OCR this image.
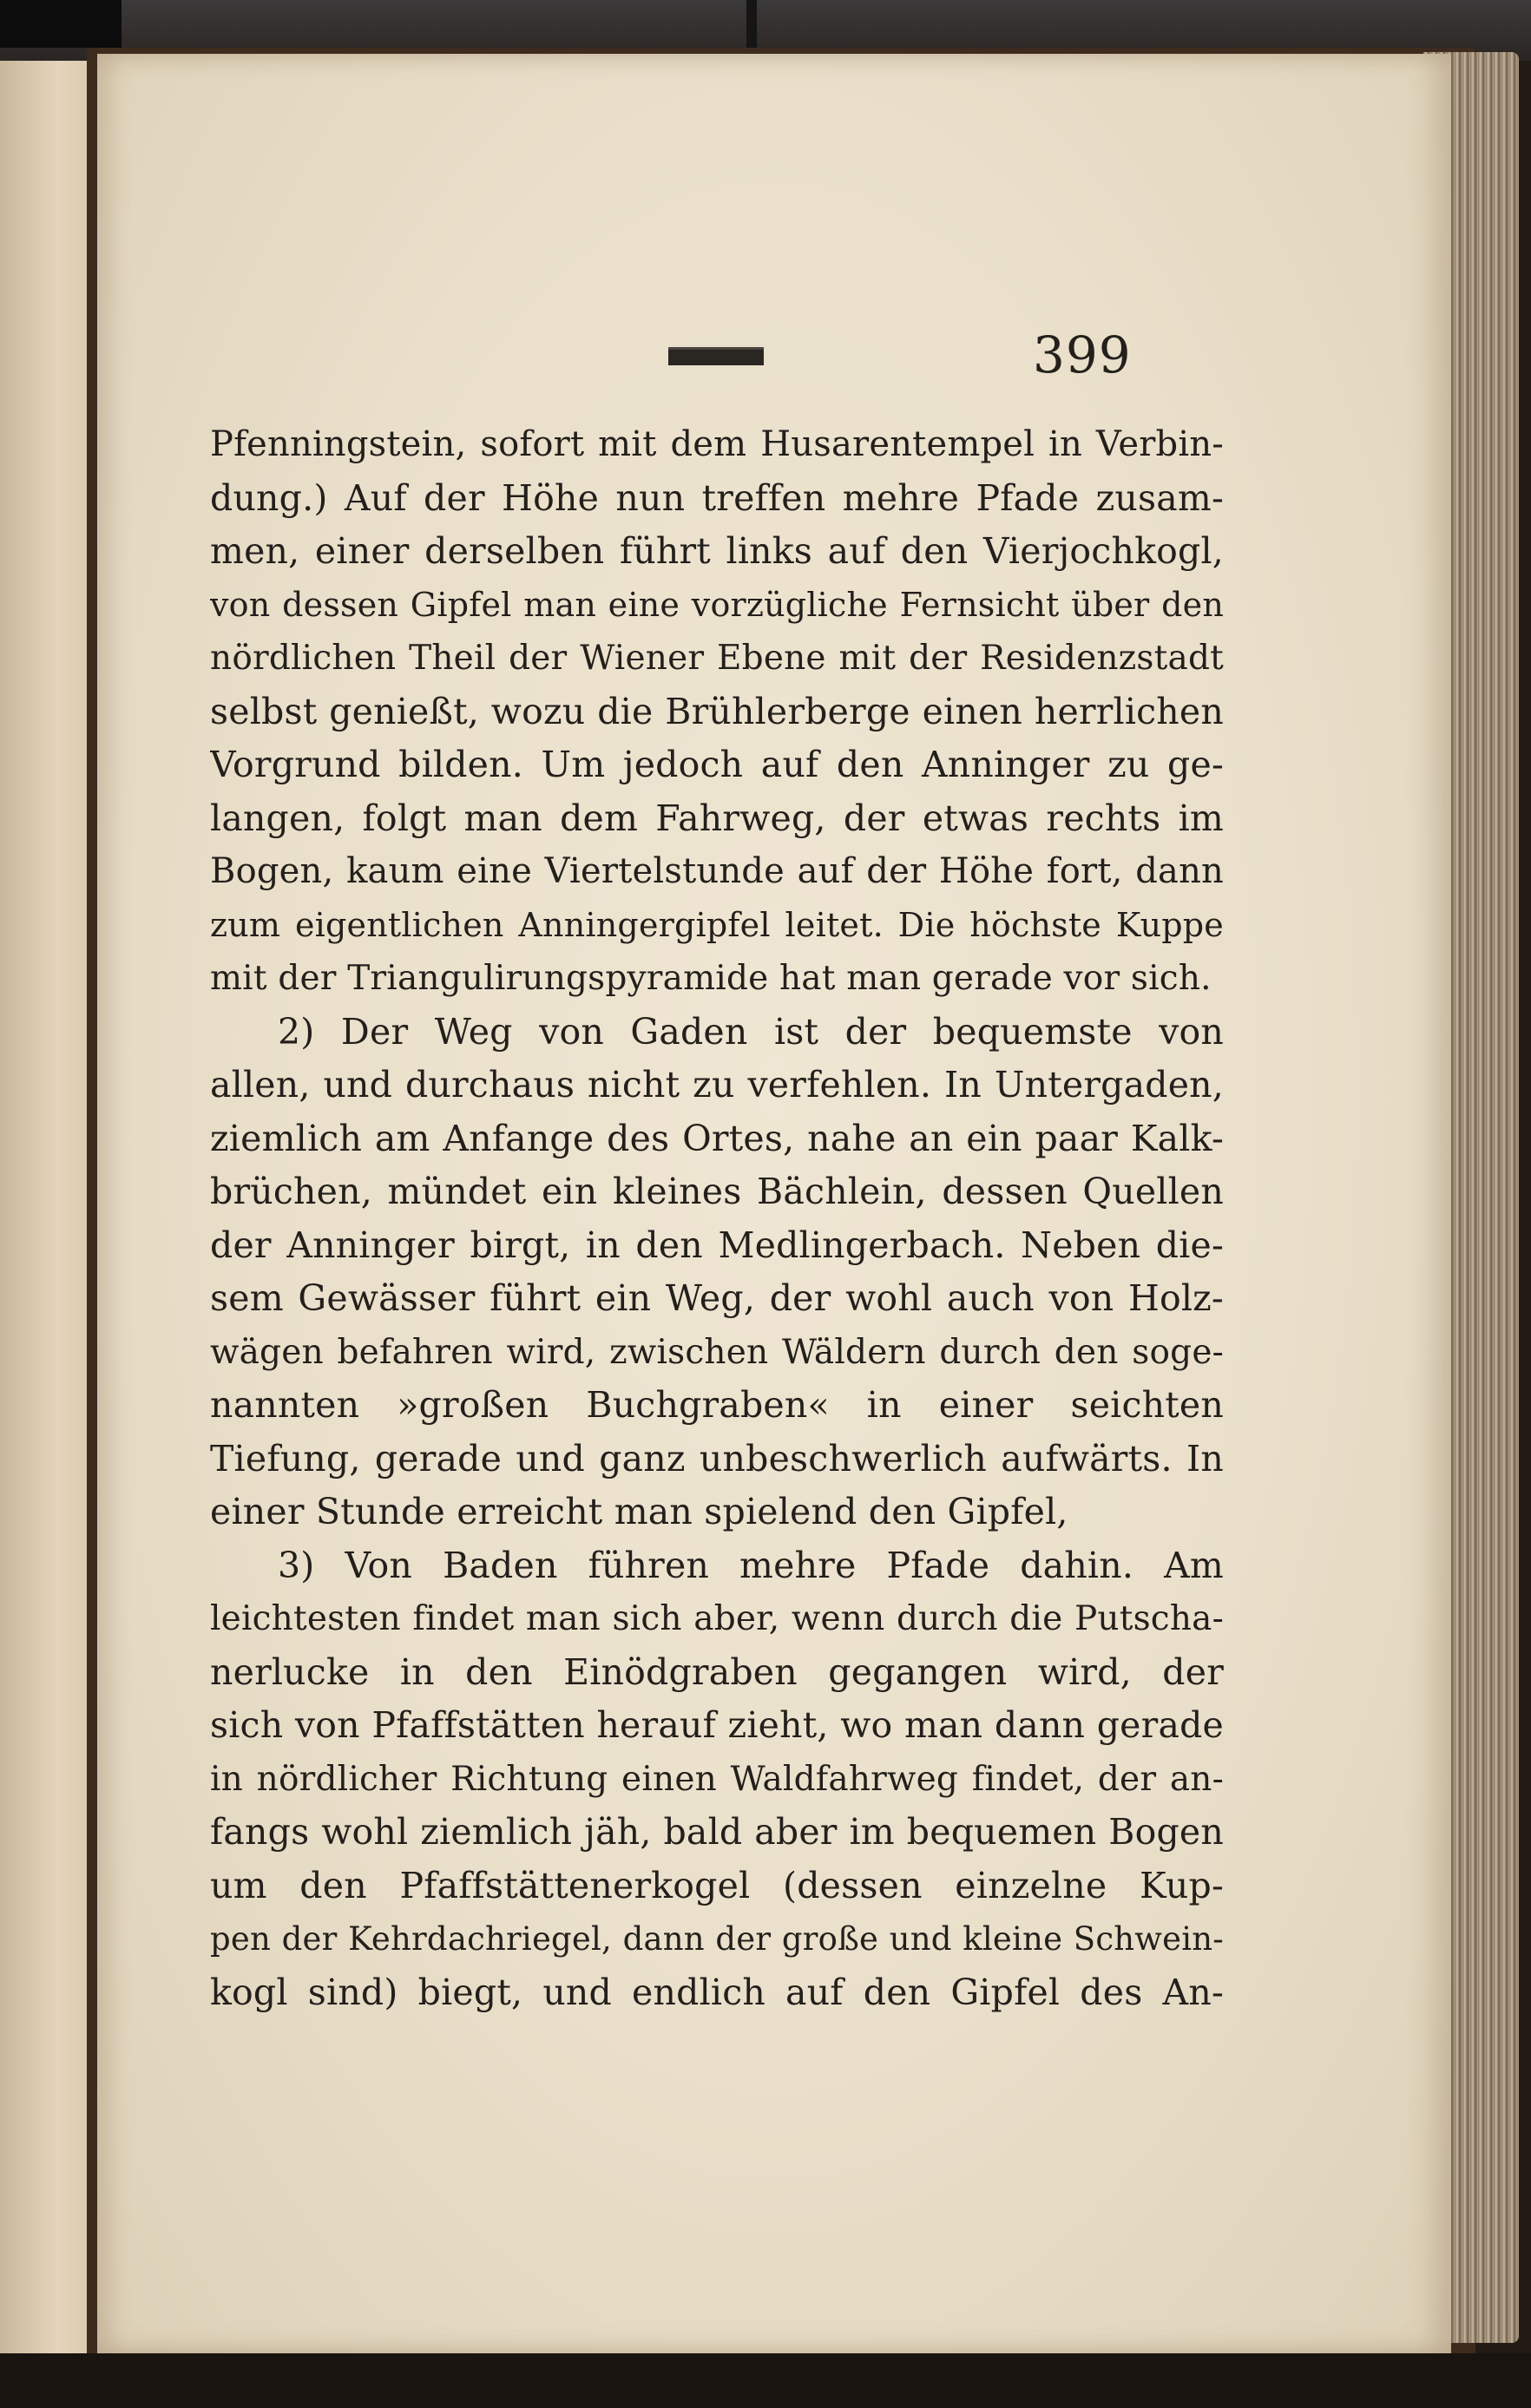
399
Pfenningstein, sofort mit dem Husarentempel in Verbin-
dung.) Auf der Höhe nun treffen mehre Pfade zusam-
men, einer derselben führt links auf den Vierjochkogl,
von dessen Gipfel man eine vorzügliche Fernsicht über den
nördlichen Theil der Wiener Ebene mit der Residenzstadt
selbst genießt, wozu die Brühlerberge einen herrlichen
Vorgrund bilden. Um jedoch auf den Anninger zu ge-
langen, folgt man dem Fahrweg, der etwas rechts im
Bogen, kaum eine Viertelstunde auf der Höhe fort, dann
zum eigentlichen Anningergipfel leitet. Die höchste Kuppe
mit der Triangulirungspyramide hat man gerade vor sich.
2) Der Weg von Gaden ist der bequemste von
allen, und durchaus nicht zu verfehlen. In Untergaden,
ziemlich am Anfange des Ortes, nahe an ein paar Kalk-
brüchen, mündet ein kleines Bächlein, dessen Quellen
der Anninger birgt, in den Medlingerbach. Neben die-
sem Gewässer führt ein Weg, der wohl auch von Holz-
wägen befahren wird, zwischen Wäldern durch den soge-
nannten »großen Buchgraben« in einer seichten
Tiefung, gerade und ganz unbeschwerlich aufwärts. In
einer Stunde erreicht man spielend den Gipfel,
3) Von Baden führen mehre Pfade dahin. Am
leichtesten findet man sich aber, wenn durch die Putscha-
nerlucke in den Einödgraben gegangen wird, der
sich von Pfaffstätten herauf zieht, wo man dann gerade
in nördlicher Richtung einen Waldfahrweg findet, der an-
fangs wohl ziemlich jäh, bald aber im bequemen Bogen
um den Pfaffstättenerkogel (dessen einzelne Kup-
pen der Kehrdachriegel, dann der große und kleine Schwein-
kogl sind) biegt, und endlich auf den Gipfel des An-
